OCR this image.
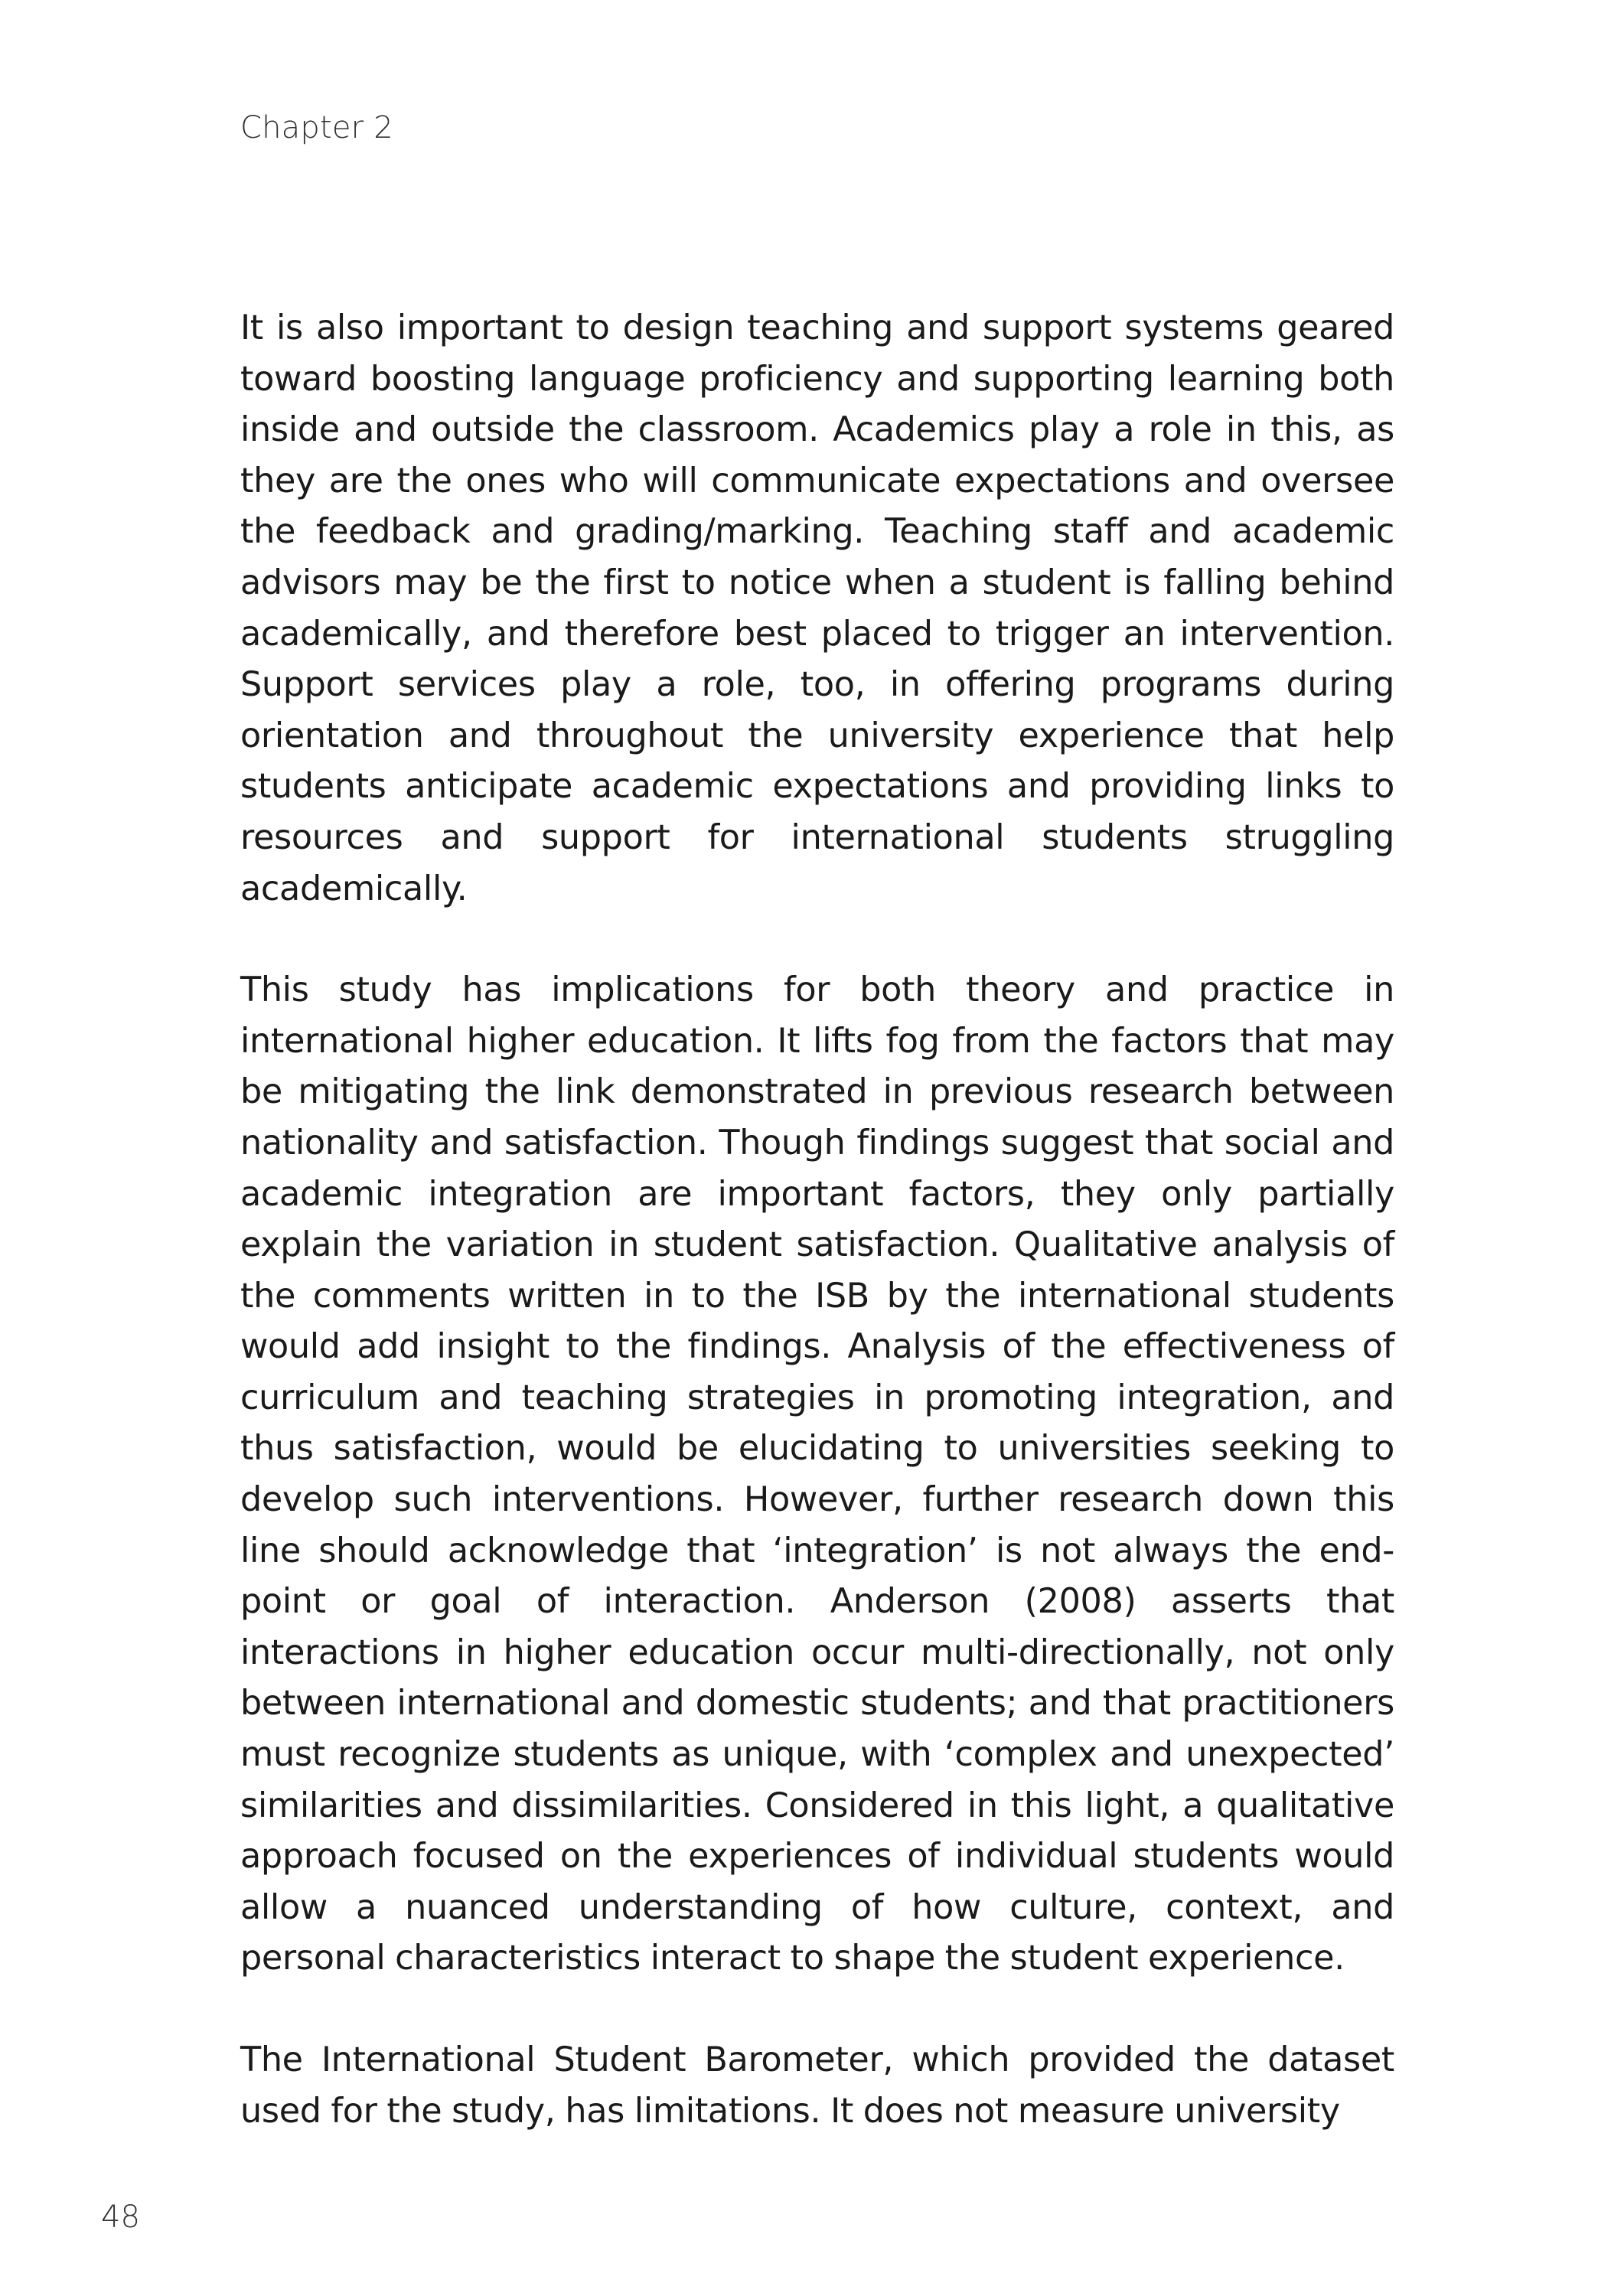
Chapter 2

It is also important to design teaching and support systems geared toward boosting language proficiency and supporting learning both inside and outside the classroom. Academics play a role in this, as they are the ones who will communicate expectations and oversee the feedback and grading/marking. Teaching staff and academic advisors may be the first to notice when a student is falling behind academically, and therefore best placed to trigger an intervention. Support services play a role, too, in offering programs during orientation and throughout the university experience that help students anticipate academic expectations and providing links to resources and support for international students struggling academically.

This study has implications for both theory and practice in international higher education. It lifts fog from the factors that may be mitigating the link demonstrated in previous research between nationality and satisfaction. Though findings suggest that social and academic integration are important factors, they only partially explain the variation in student satisfaction. Qualitative analysis of the comments written in to the ISB by the international students would add insight to the findings. Analysis of the effectiveness of curriculum and teaching strategies in promoting integration, and thus satisfaction, would be elucidating to universities seeking to develop such interventions. However, further research down this line should acknowledge that ‘integration’ is not always the end-point or goal of interaction. Anderson (2008) asserts that interactions in higher education occur multi-directionally, not only between international and domestic students; and that practitioners must recognize students as unique, with ‘complex and unexpected’ similarities and dissimilarities. Considered in this light, a qualitative approach focused on the experiences of individual students would allow a nuanced understanding of how culture, context, and personal characteristics interact to shape the student experience.

The International Student Barometer, which provided the dataset used for the study, has limitations. It does not measure university

48
